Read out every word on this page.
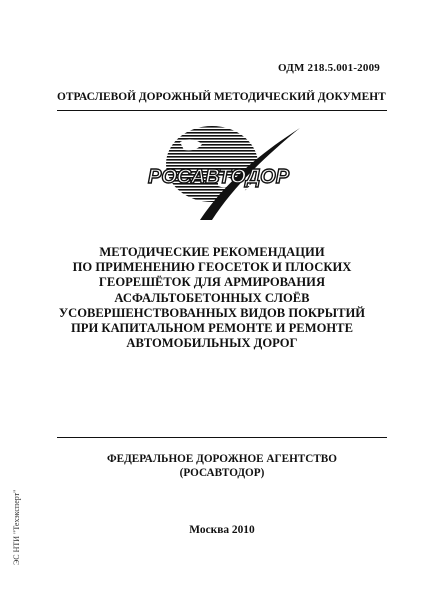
ОДМ 218.5.001-2009
ОТРАСЛЕВОЙ ДОРОЖНЫЙ МЕТОДИЧЕСКИЙ ДОКУМЕНТ
РОСАВТОДОР
МЕТОДИЧЕСКИЕ РЕКОМЕНДАЦИИ
ПО ПРИМЕНЕНИЮ ГЕОСЕТОК И ПЛОСКИХ
ГЕОРЕШЁТОК ДЛЯ АРМИРОВАНИЯ
АСФАЛЬТОБЕТОННЫХ СЛОЁВ
УСОВЕРШЕНСТВОВАННЫХ ВИДОВ ПОКРЫТИЙ
ПРИ КАПИТАЛЬНОМ РЕМОНТЕ И РЕМОНТЕ
АВТОМОБИЛЬНЫХ ДОРОГ
ФЕДЕРАЛЬНОЕ ДОРОЖНОЕ АГЕНТСТВО
(РОСАВТОДОР)
Москва 2010
ЭС НТИ "Техэксперт"
